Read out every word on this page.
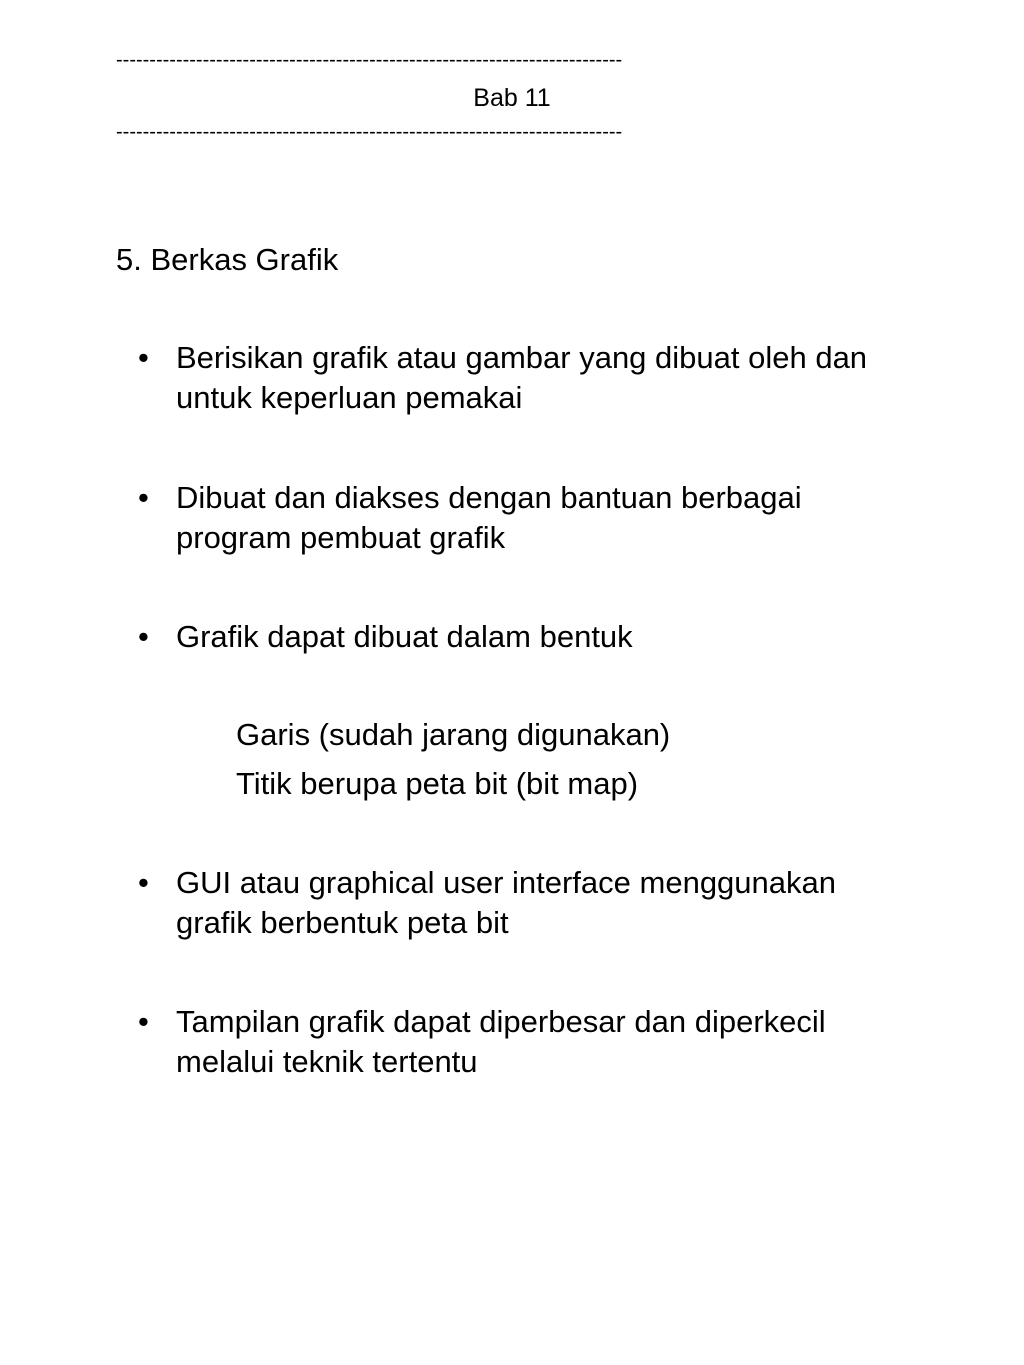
----------------------------------------------------------------------------
Bab 11
----------------------------------------------------------------------------
5. Berkas Grafik
• Berisikan grafik atau gambar yang dibuat oleh dan
untuk keperluan pemakai
• Dibuat dan diakses dengan bantuan berbagai
program pembuat grafik
• Grafik dapat dibuat dalam bentuk
Garis (sudah jarang digunakan)
Titik berupa peta bit (bit map)
• GUI atau graphical user interface menggunakan
grafik berbentuk peta bit
• Tampilan grafik dapat diperbesar dan diperkecil
melalui teknik tertentu
